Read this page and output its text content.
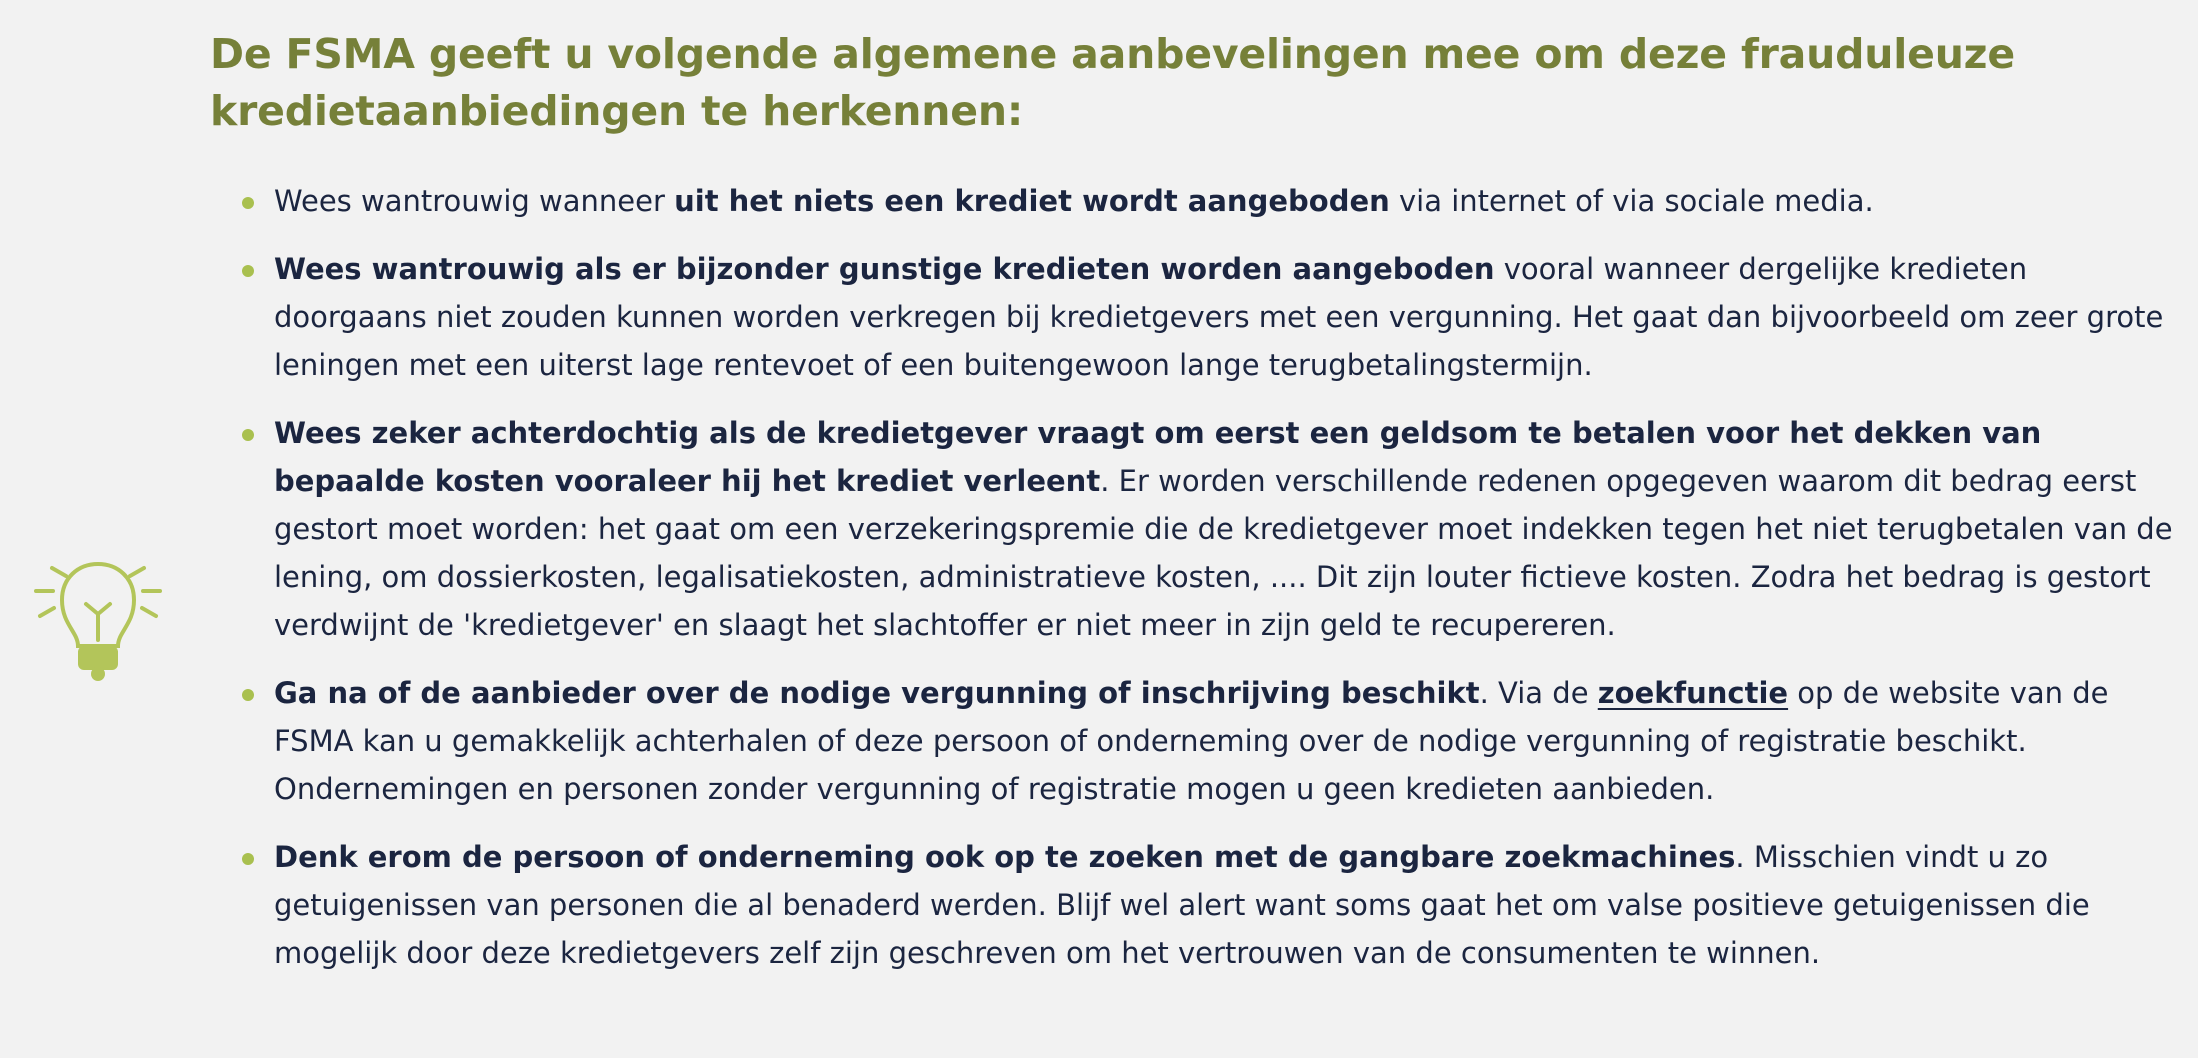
De FSMA geeft u volgende algemene aanbevelingen mee om deze frauduleuze kredietaanbiedingen te herkennen:
Wees wantrouwig wanneer uit het niets een krediet wordt aangeboden via internet of via sociale media.
Wees wantrouwig als er bijzonder gunstige kredieten worden aangeboden vooral wanneer dergelijke kredieten doorgaans niet zouden kunnen worden verkregen bij kredietgevers met een vergunning. Het gaat dan bijvoorbeeld om zeer grote leningen met een uiterst lage rentevoet of een buitengewoon lange terugbetalingstermijn.
Wees zeker achterdochtig als de kredietgever vraagt om eerst een geldsom te betalen voor het dekken van bepaalde kosten vooraleer hij het krediet verleent. Er worden verschillende redenen opgegeven waarom dit bedrag eerst gestort moet worden: het gaat om een verzekeringspremie die de kredietgever moet indekken tegen het niet terugbetalen van de lening, om dossierkosten, legalisatiekosten, administratieve kosten, .... Dit zijn louter fictieve kosten. Zodra het bedrag is gestort verdwijnt de 'kredietgever' en slaagt het slachtoffer er niet meer in zijn geld te recupereren.
Ga na of de aanbieder over de nodige vergunning of inschrijving beschikt. Via de zoekfunctie op de website van de FSMA kan u gemakkelijk achterhalen of deze persoon of onderneming over de nodige vergunning of registratie beschikt. Ondernemingen en personen zonder vergunning of registratie mogen u geen kredieten aanbieden.
Denk erom de persoon of onderneming ook op te zoeken met de gangbare zoekmachines. Misschien vindt u zo getuigenissen van personen die al benaderd werden. Blijf wel alert want soms gaat het om valse positieve getuigenissen die mogelijk door deze kredietgevers zelf zijn geschreven om het vertrouwen van de consumenten te winnen.
